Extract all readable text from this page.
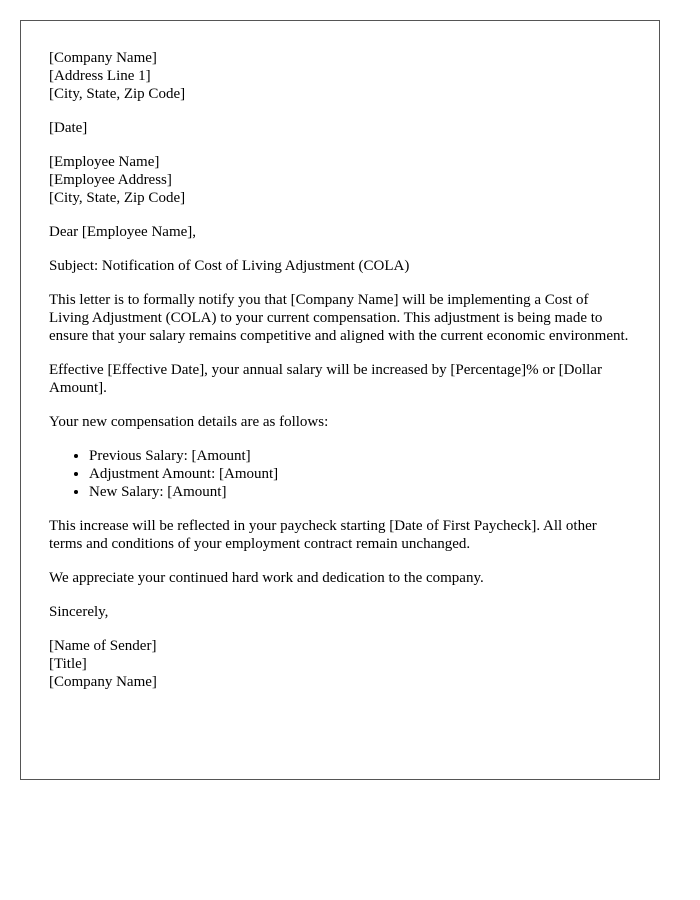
[Company Name]
[Address Line 1]
[City, State, Zip Code]
[Date]
[Employee Name]
[Employee Address]
[City, State, Zip Code]

Dear [Employee Name],

Subject: Notification of Cost of Living Adjustment (COLA)

This letter is to formally notify you that [Company Name] will be implementing a Cost of Living Adjustment (COLA) to your current compensation. This adjustment is being made to ensure that your salary remains competitive and aligned with the current economic environment.

Effective [Effective Date], your annual salary will be increased by [Percentage]% or [Dollar Amount].

Your new compensation details are as follows:

• Previous Salary: [Amount]
• Adjustment Amount: [Amount]
• New Salary: [Amount]

This increase will be reflected in your paycheck starting [Date of First Paycheck]. All other terms and conditions of your employment contract remain unchanged.

We appreciate your continued hard work and dedication to the company.

Sincerely,

[Name of Sender]
[Title]
[Company Name]
